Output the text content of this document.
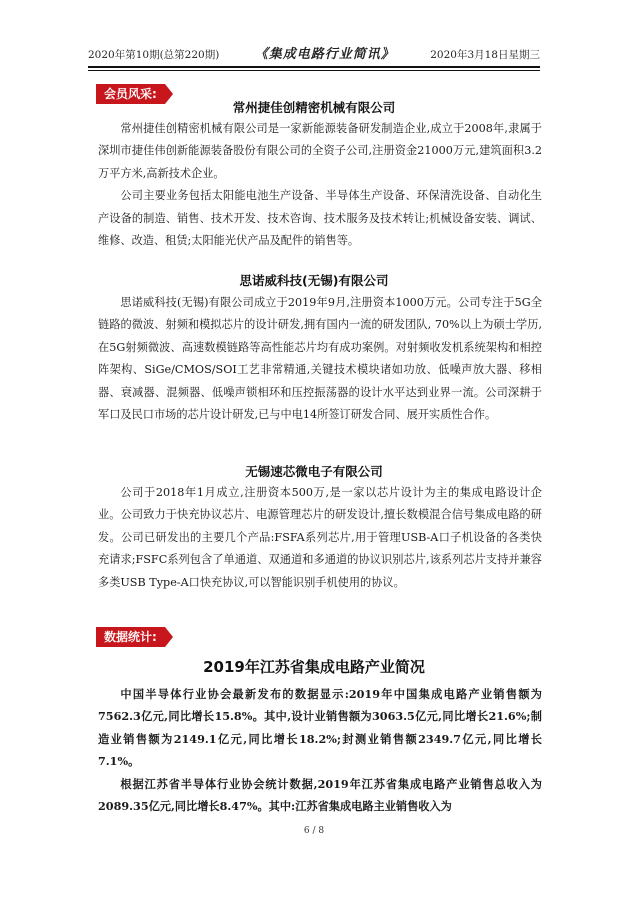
2020年第10期(总第220期)	《集成电路行业简讯》	2020年3月18日星期三
会员风采:
常州捷佳创精密机械有限公司

常州捷佳创精密机械有限公司是一家新能源装备研发制造企业,成立于2008年,隶属于深圳市捷佳伟创新能源装备股份有限公司的全资子公司,注册资金21000万元,建筑面积3.2万平方米,高新技术企业。

公司主要业务包括太阳能电池生产设备、半导体生产设备、环保清洗设备、自动化生产设备的制造、销售、技术开发、技术咨询、技术服务及技术转让;机械设备安装、调试、维修、改造、租赁;太阳能光伏产品及配件的销售等。

思诺威科技(无锡)有限公司

思诺威科技(无锡)有限公司成立于2019年9月,注册资本1000万元。公司专注于5G全链路的微波、射频和模拟芯片的设计研发,拥有国内一流的研发团队, 70%以上为硕士学历,在5G射频微波、高速数模链路等高性能芯片均有成功案例。对射频收发机系统架构和相控阵架构、SiGe/CMOS/SOI工艺非常精通,关键技术模块诸如功放、低噪声放大器、移相器、衰减器、混频器、低噪声锁相环和压控振荡器的设计水平达到业界一流。公司深耕于军口及民口市场的芯片设计研发,已与中电14所签订研发合同、展开实质性合作。

无锡速芯微电子有限公司

公司于2018年1月成立,注册资本500万,是一家以芯片设计为主的集成电路设计企业。公司致力于快充协议芯片、电源管理芯片的研发设计,擅长数模混合信号集成电路的研发。公司已研发出的主要几个产品:FSFA系列芯片,用于管理USB-A口子机设备的各类快充请求;FSFC系列包含了单通道、双通道和多通道的协议识别芯片,该系列芯片支持并兼容多类USB Type-A口快充协议,可以智能识别手机使用的协议。

数据统计:
2019年江苏省集成电路产业简况

中国半导体行业协会最新发布的数据显示:2019年中国集成电路产业销售额为7562.3亿元,同比增长15.8%。其中,设计业销售额为3063.5亿元,同比增长21.6%;制造业销售额为2149.1亿元,同比增长18.2%;封测业销售额2349.7亿元,同比增长7.1%。

根据江苏省半导体行业协会统计数据,2019年江苏省集成电路产业销售总收入为2089.35亿元,同比增长8.47%。其中:江苏省集成电路主业销售收入为

6 / 8
